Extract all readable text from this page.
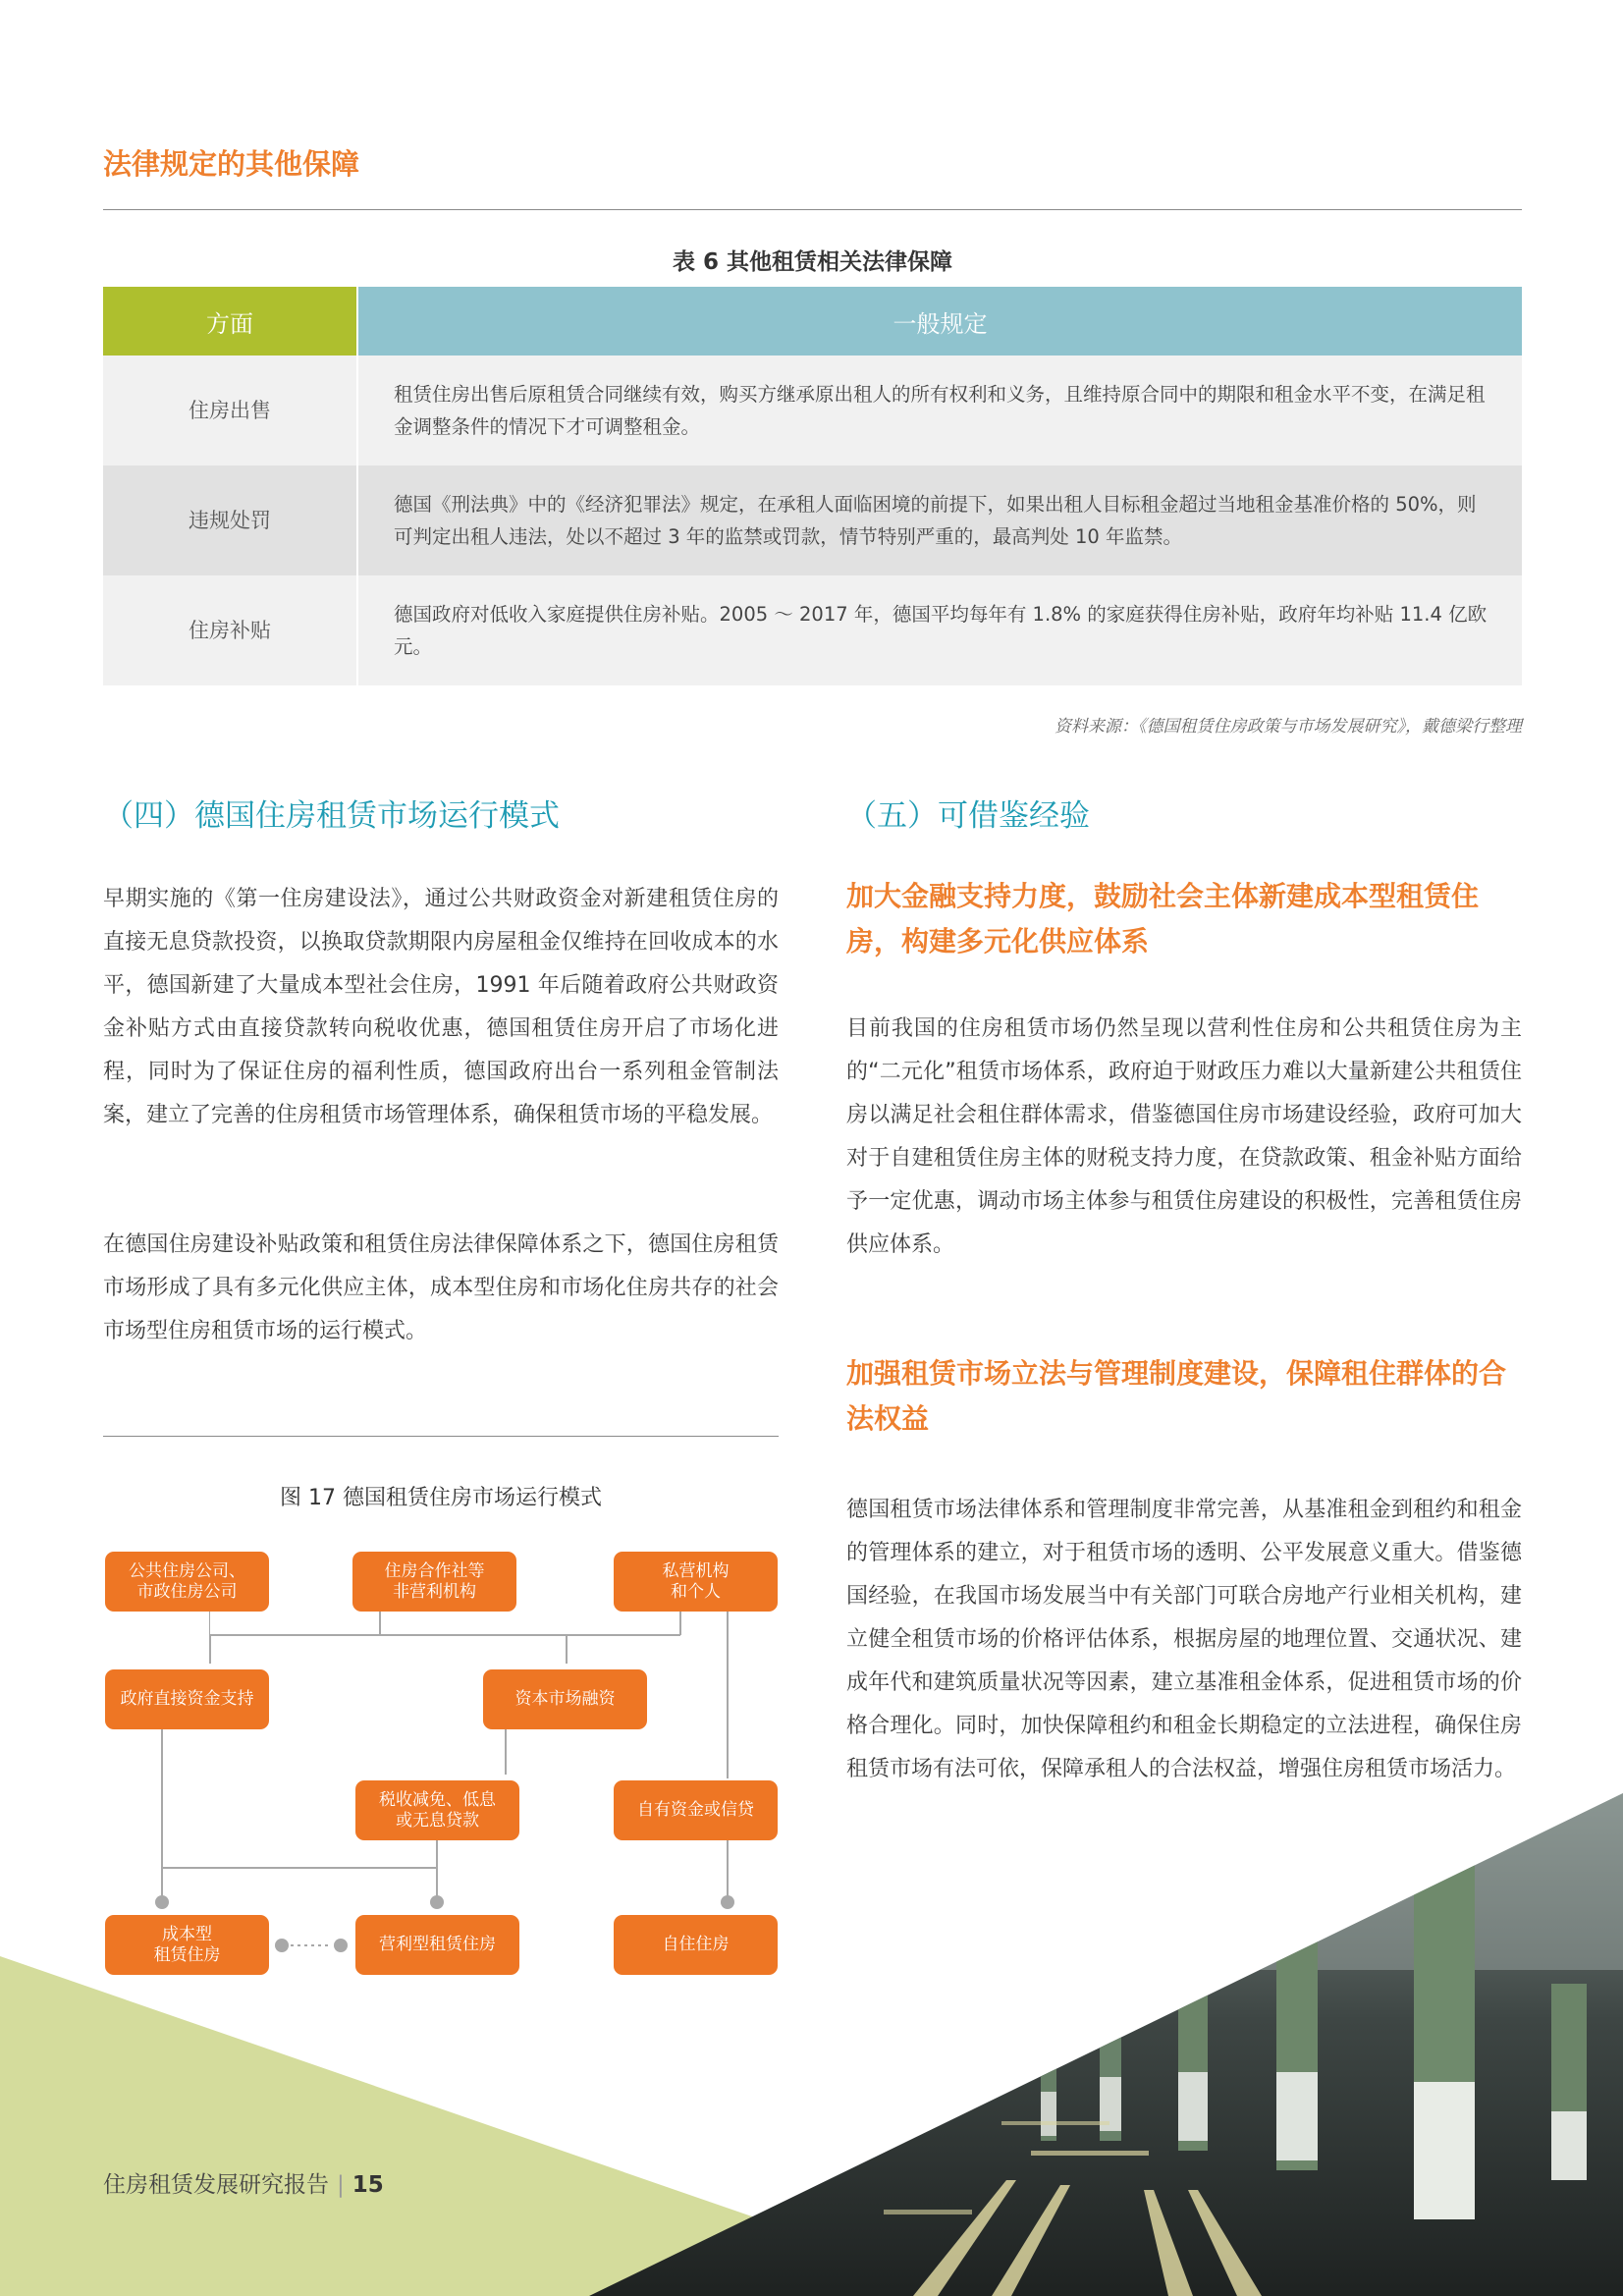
法律规定的其他保障
表 6 其他租赁相关法律保障
方面	一般规定
住房出售	租赁住房出售后原租赁合同继续有效，购买方继承原出租人的所有权利和义务，且维持原合同中的期限和租金水平不变，在满足租金调整条件的情况下才可调整租金。
违规处罚	德国《刑法典》中的《经济犯罪法》规定，在承租人面临困境的前提下，如果出租人目标租金超过当地租金基准价格的 50%，则可判定出租人违法，处以不超过 3 年的监禁或罚款，情节特别严重的，最高判处 10 年监禁。
住房补贴	德国政府对低收入家庭提供住房补贴。2005 ～ 2017 年，德国平均每年有 1.8% 的家庭获得住房补贴，政府年均补贴 11.4 亿欧元。
资料来源：《德国租赁住房政策与市场发展研究》，戴德梁行整理
（四）德国住房租赁市场运行模式

早期实施的《第一住房建设法》，通过公共财政资金对新建租赁住房的直接无息贷款投资，以换取贷款期限内房屋租金仅维持在回收成本的水平，德国新建了大量成本型社会住房，1991 年后随着政府公共财政资金补贴方式由直接贷款转向税收优惠，德国租赁住房开启了市场化进程，同时为了保证住房的福利性质，德国政府出台一系列租金管制法案，建立了完善的住房租赁市场管理体系，确保租赁市场的平稳发展。

在德国住房建设补贴政策和租赁住房法律保障体系之下，德国住房租赁市场形成了具有多元化供应主体，成本型住房和市场化住房共存的社会市场型住房租赁市场的运行模式。

图 17 德国租赁住房市场运行模式
公共住房公司、
市政住房公司
住房合作社等
非营利机构
私营机构
和个人
政府直接资金支持	资本市场融资
税收减免、低息
或无息贷款
自有资金或信贷
成本型
租赁住房
营利型租赁住房	自住住房
（五）可借鉴经验
加大金融支持力度，鼓励社会主体新建成本型租赁住房，构建多元化供应体系

目前我国的住房租赁市场仍然呈现以营利性住房和公共租赁住房为主的“二元化”租赁市场体系，政府迫于财政压力难以大量新建公共租赁住房以满足社会租住群体需求，借鉴德国住房市场建设经验，政府可加大对于自建租赁住房主体的财税支持力度，在贷款政策、租金补贴方面给予一定优惠，调动市场主体参与租赁住房建设的积极性，完善租赁住房供应体系。

加强租赁市场立法与管理制度建设，保障租住群体的合法权益

德国租赁市场法律体系和管理制度非常完善，从基准租金到租约和租金的管理体系的建立，对于租赁市场的透明、公平发展意义重大。借鉴德国经验，在我国市场发展当中有关部门可联合房地产行业相关机构，建立健全租赁市场的价格评估体系，根据房屋的地理位置、交通状况、建成年代和建筑质量状况等因素，建立基准租金体系，促进租赁市场的价格合理化。同时，加快保障租约和租金长期稳定的立法进程，确保住房租赁市场有法可依，保障承租人的合法权益，增强住房租赁市场活力。

住房租赁发展研究报告 | 15
